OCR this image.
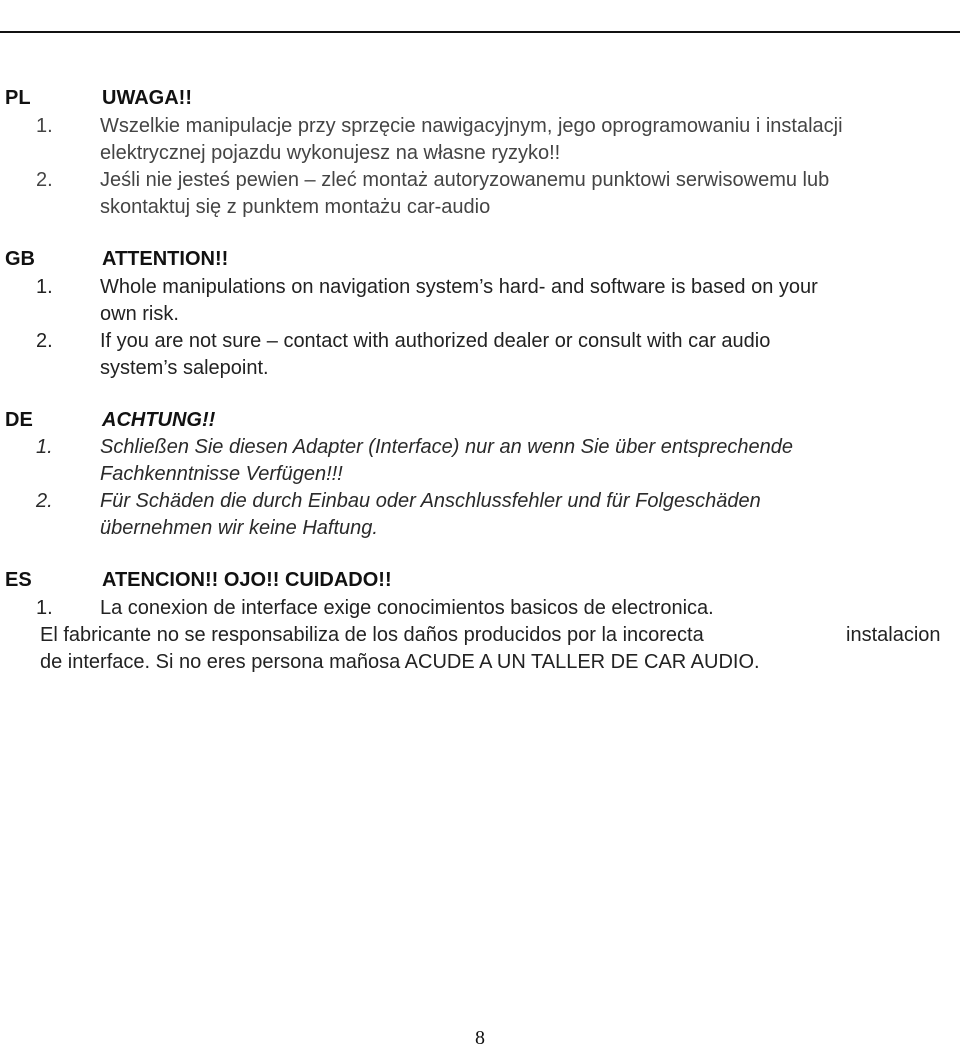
PL	UWAGA!!
1. Wszelkie manipulacje przy sprzęcie nawigacyjnym, jego oprogramowaniu i instalacji
elektrycznej pojazdu wykonujesz na własne ryzyko!!
2. Jeśli nie jesteś pewien – zleć montaż autoryzowanemu punktowi serwisowemu lub
skontaktuj się z punktem montażu car-audio
GB	ATTENTION!!
1. Whole manipulations on navigation system’s hard- and software is based on your
own risk.
2. If you are not sure – contact with authorized dealer or consult with car audio
system’s salepoint.
DE	ACHTUNG!!
1. Schließen Sie diesen Adapter (Interface) nur an wenn Sie über entsprechende
Fachkenntnisse Verfügen!!!
2. Für Schäden die durch Einbau oder Anschlussfehler und für Folgeschäden
übernehmen wir keine Haftung.
ES	ATENCION!! OJO!! CUIDADO!!
1. La conexion de interface exige conocimientos basicos de electronica.
El fabricante no se responsabiliza de los daños producidos por la incorecta	instalacion
de interface. Si no eres persona mañosa ACUDE A UN TALLER DE CAR AUDIO.
8
